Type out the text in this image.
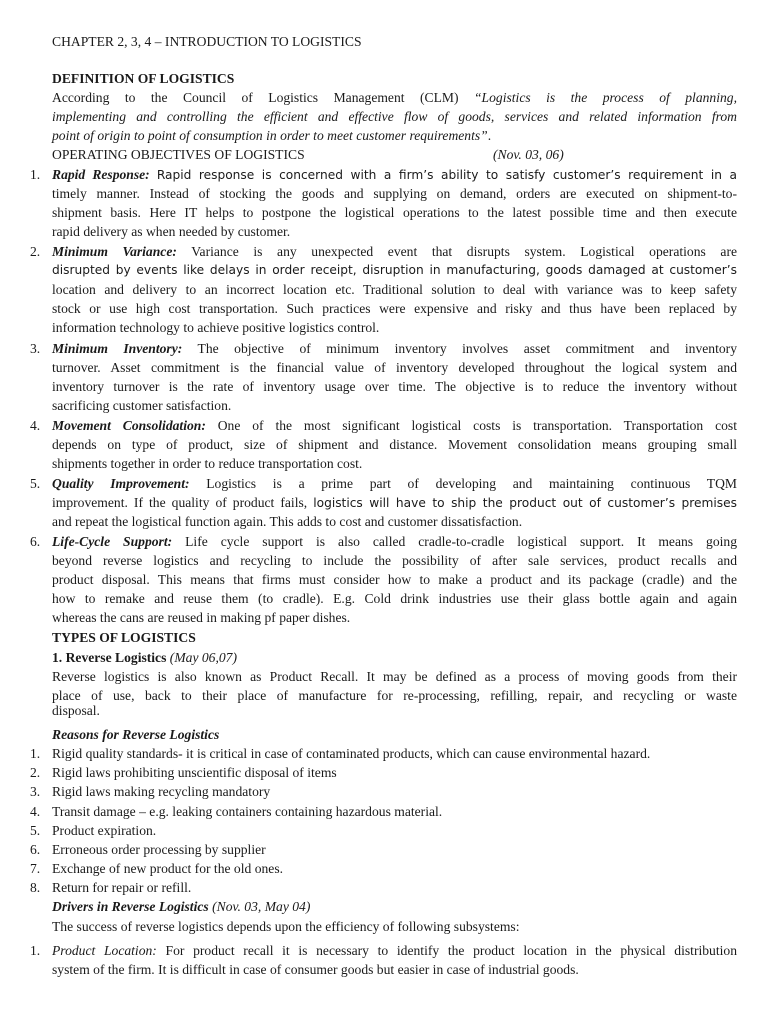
CHAPTER 2, 3, 4 – INTRODUCTION TO LOGISTICS
DEFINITION OF LOGISTICS
According to the Council of Logistics Management (CLM) “Logistics is the process of planning,
implementing and controlling the efficient and effective flow of goods, services and related information from
point of origin to point of consumption in order to meet customer requirements”.
OPERATING OBJECTIVES OF LOGISTICS	(Nov. 03, 06)
1. Rapid Response: Rapid response is concerned with a firm’s ability to satisfy customer’s requirement in a
timely manner. Instead of stocking the goods and supplying on demand, orders are executed on shipment-to-
shipment basis. Here IT helps to postpone the logistical operations to the latest possible time and then execute
rapid delivery as when needed by customer.
2. Minimum Variance: Variance is any unexpected event that disrupts system. Logistical operations are
disrupted by events like delays in order receipt, disruption in manufacturing, goods damaged at customer’s
location and delivery to an incorrect location etc. Traditional solution to deal with variance was to keep safety
stock or use high cost transportation. Such practices were expensive and risky and thus have been replaced by
information technology to achieve positive logistics control.
3. Minimum Inventory: The objective of minimum inventory involves asset commitment and inventory
turnover. Asset commitment is the financial value of inventory developed throughout the logical system and
inventory turnover is the rate of inventory usage over time. The objective is to reduce the inventory without
sacrificing customer satisfaction.
4. Movement Consolidation: One of the most significant logistical costs is transportation. Transportation cost
depends on type of product, size of shipment and distance. Movement consolidation means grouping small
shipments together in order to reduce transportation cost.
5. Quality Improvement: Logistics is a prime part of developing and maintaining continuous TQM
improvement. If the quality of product fails, logistics will have to ship the product out of customer’s premises
and repeat the logistical function again. This adds to cost and customer dissatisfaction.
6. Life-Cycle Support: Life cycle support is also called cradle-to-cradle logistical support. It means going
beyond reverse logistics and recycling to include the possibility of after sale services, product recalls and
product disposal. This means that firms must consider how to make a product and its package (cradle) and the
how to remake and reuse them (to cradle). E.g. Cold drink industries use their glass bottle again and again
whereas the cans are reused in making pf paper dishes.
TYPES OF LOGISTICS
1. Reverse Logistics (May 06,07)
Reverse logistics is also known as Product Recall. It may be defined as a process of moving goods from their
place of use, back to their place of manufacture for re-processing, refilling, repair, and recycling or waste
disposal.
Reasons for Reverse Logistics
1. Rigid quality standards- it is critical in case of contaminated products, which can cause environmental hazard.
2. Rigid laws prohibiting unscientific disposal of items
3. Rigid laws making recycling mandatory
4. Transit damage – e.g. leaking containers containing hazardous material.
5. Product expiration.
6. Erroneous order processing by supplier
7. Exchange of new product for the old ones.
8. Return for repair or refill.
Drivers in Reverse Logistics (Nov. 03, May 04)
The success of reverse logistics depends upon the efficiency of following subsystems:
1. Product Location: For product recall it is necessary to identify the product location in the physical distribution
system of the firm. It is difficult in case of consumer goods but easier in case of industrial goods.
